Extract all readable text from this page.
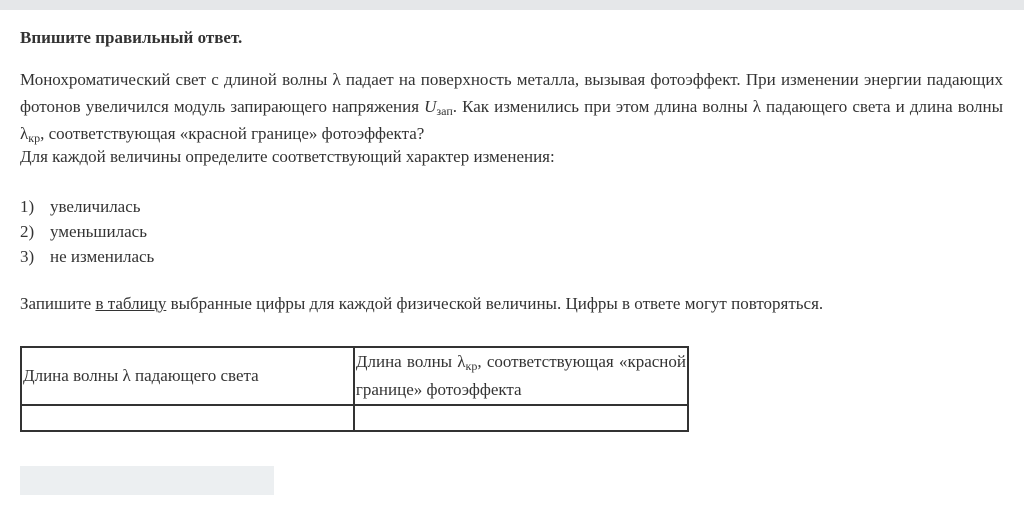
Впишите правильный ответ.

Монохроматический свет с длиной волны λ падает на поверхность металла, вызывая фотоэффект. При изменении энергии падающих фотонов увеличился модуль запирающего напряжения $U_{зап}$. Как изменились при этом длина волны λ падающего света и длина волны $\lambda_{кр}$, соответствующая «красной границе» фотоэффекта?

Для каждой величины определите соответствующий характер изменения:

1) увеличилась
2) уменьшилась
3) не изменилась

Запишите в таблицу выбранные цифры для каждой физической величины. Цифры в ответе могут повторяться.

Длина волны λ падающего света	Длина волны $\lambda_{кр}$, соответствующая «красной границе» фотоэффекта
